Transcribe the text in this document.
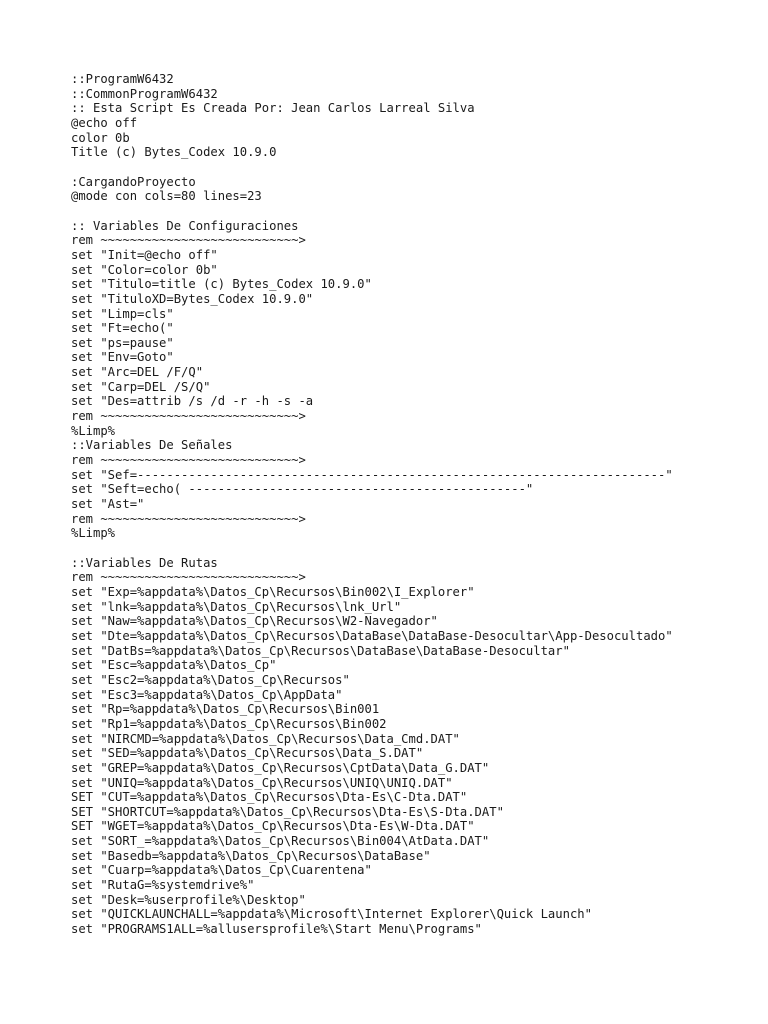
::ProgramW6432
::CommonProgramW6432
:: Esta Script Es Creada Por: Jean Carlos Larreal Silva
@echo off
color 0b
Title (c) Bytes_Codex 10.9.0
:CargandoProyecto
@mode con cols=80 lines=23
:: Variables De Configuraciones
rem ~~~~~~~~~~~~~~~~~~~~~~~~~~~>
set "Init=@echo off"
set "Color=color 0b"
set "Titulo=title (c) Bytes_Codex 10.9.0"
set "TituloXD=Bytes_Codex 10.9.0"
set "Limp=cls"
set "Ft=echo("
set "ps=pause"
set "Env=Goto"
set "Arc=DEL /F/Q"
set "Carp=DEL /S/Q"
set "Des=attrib /s /d -r -h -s -a
rem ~~~~~~~~~~~~~~~~~~~~~~~~~~~>
%Limp%
::Variables De Señales
rem ~~~~~~~~~~~~~~~~~~~~~~~~~~~>
set "Sef=------------------------------------------------------------------------"
set "Seft=echo( ----------------------------------------------"
set "Ast="
rem ~~~~~~~~~~~~~~~~~~~~~~~~~~~>
%Limp%
::Variables De Rutas
rem ~~~~~~~~~~~~~~~~~~~~~~~~~~~>
set "Exp=%appdata%\Datos_Cp\Recursos\Bin002\I_Explorer"
set "lnk=%appdata%\Datos_Cp\Recursos\lnk_Url"
set "Naw=%appdata%\Datos_Cp\Recursos\W2-Navegador"
set "Dte=%appdata%\Datos_Cp\Recursos\DataBase\DataBase-Desocultar\App-Desocultado"
set "DatBs=%appdata%\Datos_Cp\Recursos\DataBase\DataBase-Desocultar"
set "Esc=%appdata%\Datos_Cp"
set "Esc2=%appdata%\Datos_Cp\Recursos"
set "Esc3=%appdata%\Datos_Cp\AppData"
set "Rp=%appdata%\Datos_Cp\Recursos\Bin001
set "Rp1=%appdata%\Datos_Cp\Recursos\Bin002
set "NIRCMD=%appdata%\Datos_Cp\Recursos\Data_Cmd.DAT"
set "SED=%appdata%\Datos_Cp\Recursos\Data_S.DAT"
set "GREP=%appdata%\Datos_Cp\Recursos\CptData\Data_G.DAT"
set "UNIQ=%appdata%\Datos_Cp\Recursos\UNIQ\UNIQ.DAT"
SET "CUT=%appdata%\Datos_Cp\Recursos\Dta-Es\C-Dta.DAT"
SET "SHORTCUT=%appdata%\Datos_Cp\Recursos\Dta-Es\S-Dta.DAT"
SET "WGET=%appdata%\Datos_Cp\Recursos\Dta-Es\W-Dta.DAT"
set "SORT_=%appdata%\Datos_Cp\Recursos\Bin004\AtData.DAT"
set "Basedb=%appdata%\Datos_Cp\Recursos\DataBase"
set "Cuarp=%appdata%\Datos_Cp\Cuarentena"
set "RutaG=%systemdrive%"
set "Desk=%userprofile%\Desktop"
set "QUICKLAUNCHALL=%appdata%\Microsoft\Internet Explorer\Quick Launch"
set "PROGRAMS1ALL=%allusersprofile%\Start Menu\Programs"
